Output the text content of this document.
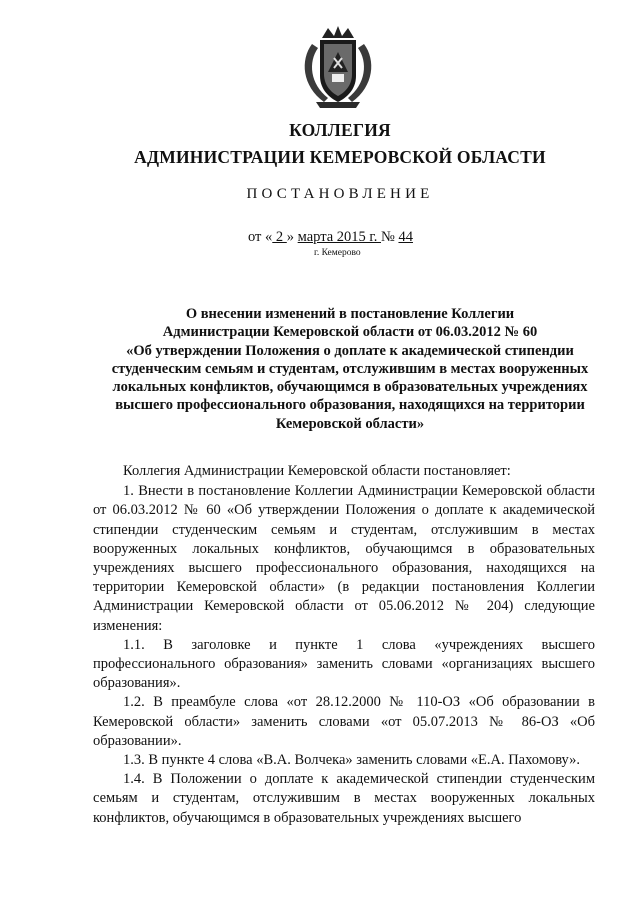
КОЛЛЕГИЯ
АДМИНИСТРАЦИИ КЕМЕРОВСКОЙ ОБЛАСТИ
ПОСТАНОВЛЕНИЕ
от « 2 » марта 2015 г. № 44
г. Кемерово
О внесении изменений в постановление Коллегии
Администрации Кемеровской области от 06.03.2012 № 60
«Об утверждении Положения о доплате к академической стипендии
студенческим семьям и студентам, отслужившим в местах вооруженных
локальных конфликтов, обучающимся в образовательных учреждениях
высшего профессионального образования, находящихся на территории
Кемеровской области»

Коллегия Администрации Кемеровской области постановляет:

1. Внести в постановление Коллегии Администрации Кемеровской области от 06.03.2012 № 60 «Об утверждении Положения о доплате к академической стипендии студенческим семьям и студентам, отслужившим в местах вооруженных локальных конфликтов, обучающимся в образовательных учреждениях высшего профессионального образования, находящихся на территории Кемеровской области» (в редакции постановления Коллегии Администрации Кемеровской области от 05.06.2012 № 204) следующие изменения:

1.1. В заголовке и пункте 1 слова «учреждениях высшего профессионального образования» заменить словами «организациях высшего образования».

1.2. В преамбуле слова «от 28.12.2000 № 110-ОЗ «Об образовании в Кемеровской области» заменить словами «от 05.07.2013 № 86-ОЗ «Об образовании».

1.3. В пункте 4 слова «В.А. Волчека» заменить словами «Е.А. Пахомову».

1.4. В Положении о доплате к академической стипендии студенческим семьям и студентам, отслужившим в местах вооруженных локальных конфликтов, обучающимся в образовательных учреждениях высшего
